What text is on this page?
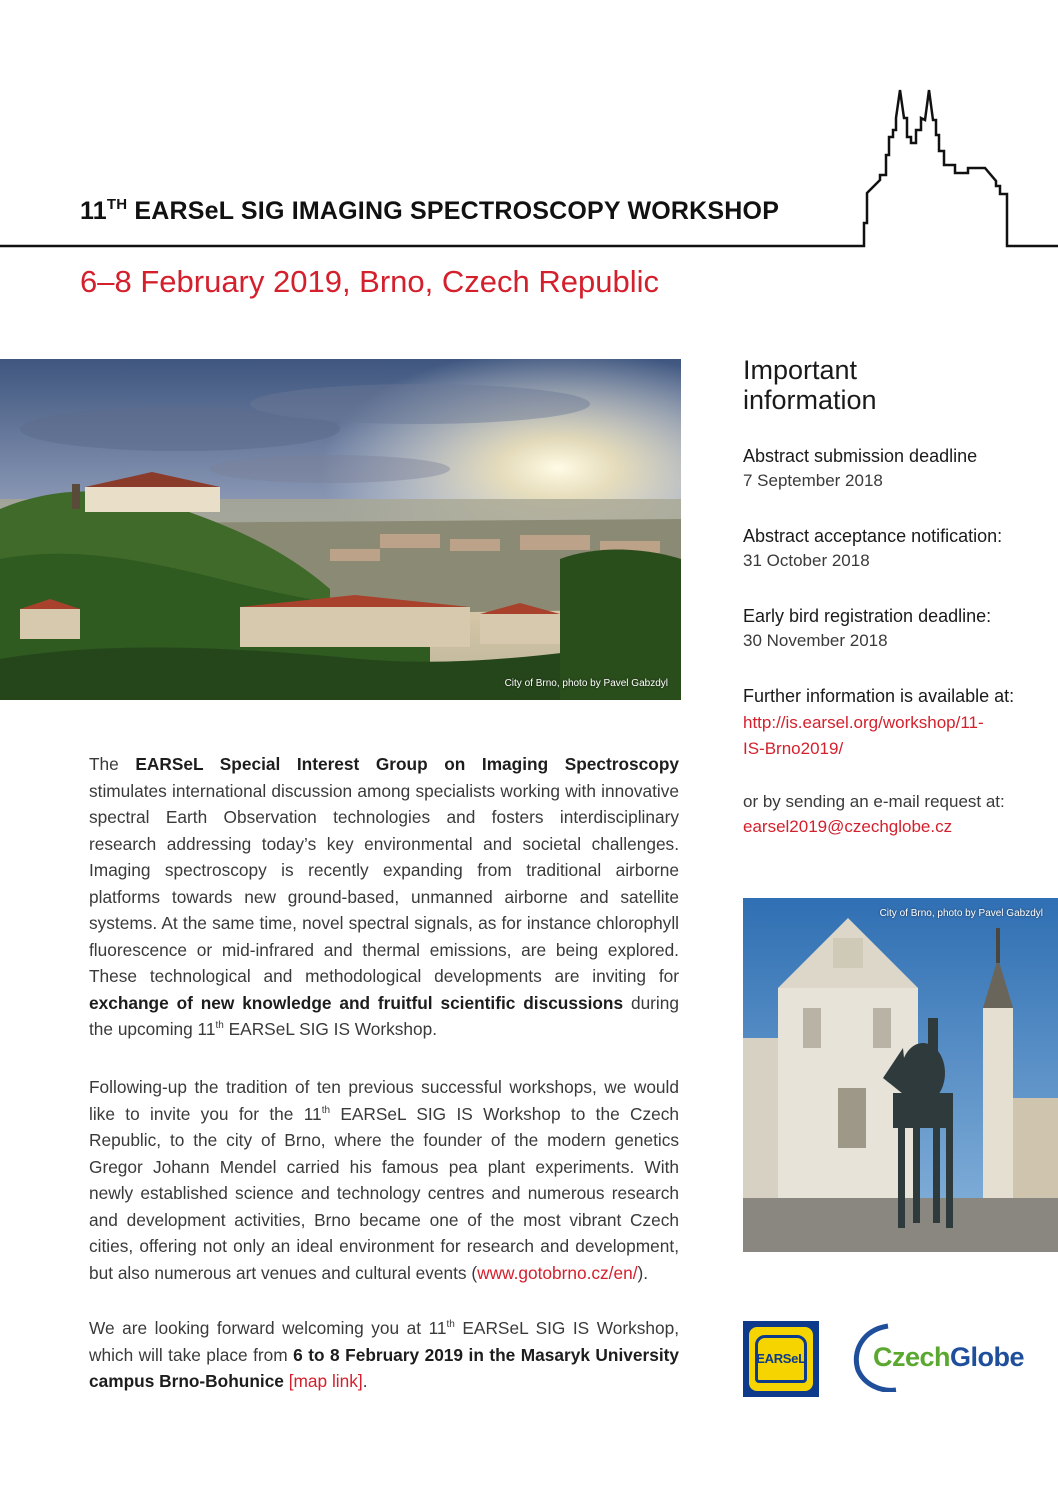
11TH EARSeL SIG IMAGING SPECTROSCOPY WORKSHOP
6–8 February 2019, Brno, Czech Republic
City of Brno, photo by Pavel Gabzdyl

The EARSeL Special Interest Group on Imaging Spectroscopy stimulates international discussion among specialists working with innovative spectral Earth Observation technologies and fosters interdisciplinary research addressing today’s key environmental and societal challenges. Imaging spectroscopy is recently expanding from traditional airborne platforms towards new ground-based, unmanned airborne and satellite systems. At the same time, novel spectral signals, as for instance chlorophyll fluorescence or mid-infrared and thermal emissions, are being explored. These technological and methodological developments are inviting for exchange of new knowledge and fruitful scientific discussions during the upcoming 11th EARSeL SIG IS Workshop.

Following-up the tradition of ten previous successful workshops, we would like to invite you for the 11th EARSeL SIG IS Workshop to the Czech Republic, to the city of Brno, where the founder of the modern genetics Gregor Johann Mendel carried his famous pea plant experiments. With newly established science and technology centres and numerous research and development activities, Brno became one of the most vibrant Czech cities, offering not only an ideal environment for research and development, but also numerous art venues and cultural events (www.gotobrno.cz/en/).

We are looking forward welcoming you at 11th EARSeL SIG IS Workshop, which will take place from 6 to 8 February 2019 in the Masaryk University campus Brno-Bohunice [map link].

Important
information

Abstract submission deadline

7 September 2018

Abstract acceptance notification:

31 October 2018

Early bird registration deadline:

30 November 2018

Further information is available at:

http://is.earsel.org/workshop/11-
IS-Brno2019/

or by sending an e-mail request at:

earsel2019@czechglobe.cz

City of Brno, photo by Pavel Gabzdyl
EARSeL	CzechGlobe
